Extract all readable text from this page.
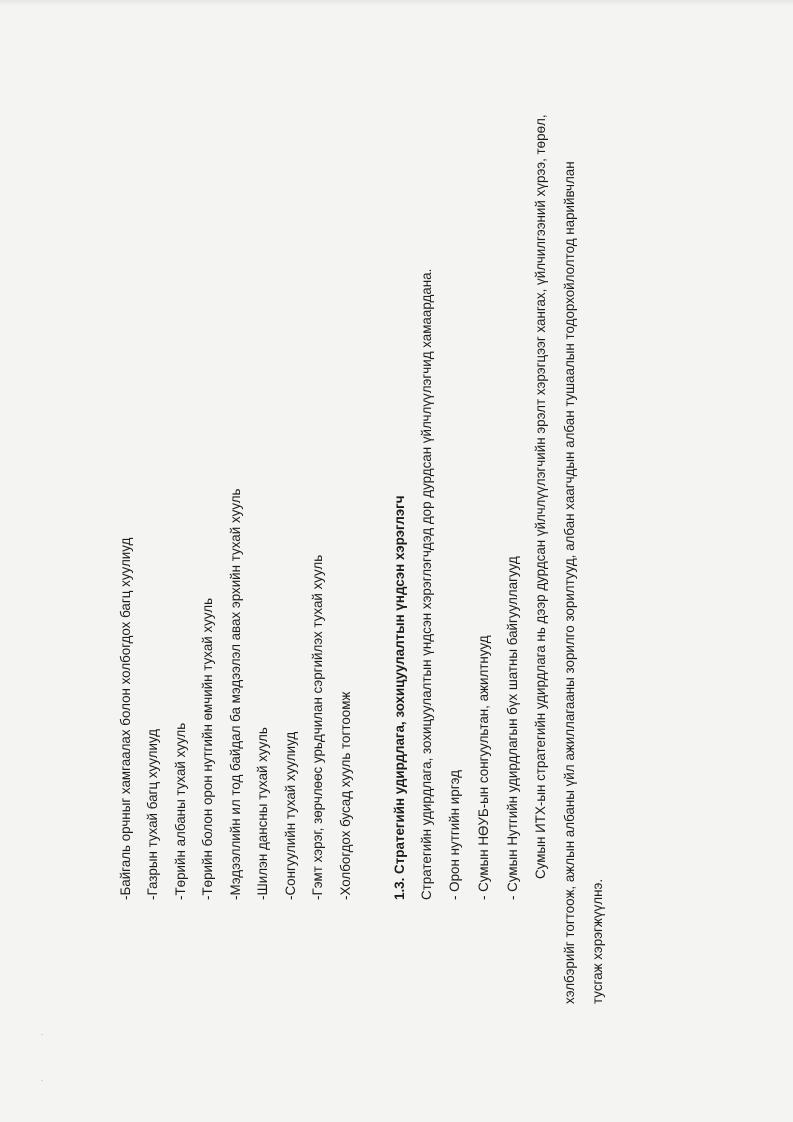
-Байгаль орчныг хамгаалах болон холбогдох багц хуулиуд -Газрын тухай багц хуулиуд -Төрийн албаны тухай хууль -Төрийн болон орон нутгийн өмчийн тухай хууль -Мэдээллийн ил тод байдал ба мэдээлэл авах эрхийн тухай хууль -Шилэн дансны тухай хууль -Сонгуулийн тухай хуулиуд -Гэмт хэрэг, зөрчлөөс урьдчилан сэргийлэх тухай хууль -Холбогдох бусад хууль тогтоомж	1.3. Стратегийн удирдлага, зохицуулалтын үндсэн хэрэглэгч Стратегийн удирдлага, зохицуулалтын үндсэн хэрэглэгчдэд дор дурдсан үйлчлүүлэгчид хамаардана. - Орон нутгийн иргэд - Сумын НӨУБ-ын сонгуультан, ажилтнууд - Сумын Нутгийн удирдлагын бүх шатны байгууллагууд Сумын ИТХ-ын стратегийн удирдлага нь дээр дурдсан үйлчлүүлэгчийн эрэлт хэрэгцээг хангах, үйлчилгээний хүрээ, төрөл, хэлбэрийг тогтоож, ажлын албаны үйл ажиллагааны зорилго зорилтууд, албан хаагчдын албан тушаалын тодорхойлолтод нарийвчлан тусгаж хэрэгжүүлнэ.
·
·
